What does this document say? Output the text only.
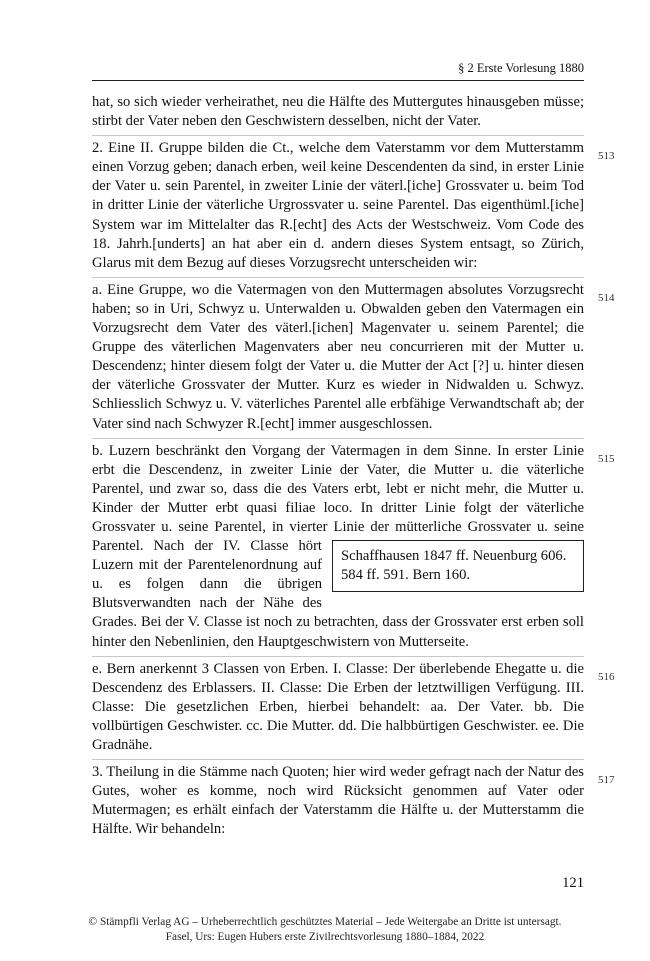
§ 2 Erste Vorlesung 1880
hat, so sich wieder verheirathet, neu die Hälfte des Muttergutes hinausgeben müsse; stirbt der Vater neben den Geschwistern desselben, nicht der Vater.
2. Eine II. Gruppe bilden die Ct., welche dem Vaterstamm vor dem Mutterstamm einen Vorzug geben; danach erben, weil keine Descendenten da sind, in erster Linie der Vater u. sein Parentel, in zweiter Linie der väterl.[iche] Grossvater u. beim Tod in dritter Linie der väterliche Urgrossvater u. seine Parentel. Das eigenthüml.[iche] System war im Mittelalter das R.[echt] des Acts der Westschweiz. Vom Code des 18. Jahrh.[underts] an hat aber ein d. andern dieses System entsagt, so Zürich, Glarus mit dem Bezug auf dieses Vorzugsrecht unterscheiden wir:
513
a. Eine Gruppe, wo die Vatermagen von den Muttermagen absolutes Vorzugsrecht haben; so in Uri, Schwyz u. Unterwalden u. Obwalden geben den Vatermagen ein Vorzugsrecht dem Vater des väterl.[ichen] Magenvater u. seinem Parentel; die Gruppe des väterlichen Magenvaters aber neu concurrieren mit der Mutter u. Descendenz; hinter diesem folgt der Vater u. die Mutter der Act [?] u. hinter diesen der väterliche Grossvater der Mutter. Kurz es wieder in Nidwalden u. Schwyz. Schliesslich Schwyz u. V. väterliches Parentel alle erbfähige Verwandtschaft ab; der Vater sind nach Schwyzer R.[echt] immer ausgeschlossen.
514
b. Luzern beschränkt den Vorgang der Vatermagen in dem Sinne. In erster Linie erbt die Descendenz, in zweiter Linie der Vater, die Mutter u. die väterliche Parentel, und zwar so, dass die des Vaters erbt, lebt er nicht mehr, die Mutter u. Kinder der Mutter erbt quasi filiae loco. In dritter Linie folgt der väterliche Grossvater u. seine Parentel, in vierter Linie der mütterliche Grossvater u. seine Parentel.
Schaffhausen 1847 ff. Neuenburg 606. 584 ff. 591. Bern 160.
Nach der IV. Classe hört Luzern mit der Parentelenordnung auf u. es folgen dann die übrigen Blutsverwandten nach der Nähe des Grades. Bei der V. Classe ist noch zu betrachten, dass der Grossvater erst erben soll hinter den Nebenlinien, den Hauptgeschwistern von Mutterseite.
515
e. Bern anerkennt 3 Classen von Erben. I. Classe: Der überlebende Ehegatte u. die Descendenz des Erblassers. II. Classe: Die Erben der letztwilligen Verfügung. III. Classe: Die gesetzlichen Erben, hierbei behandelt: aa. Der Vater. bb. Die vollbürtigen Geschwister. cc. Die Mutter. dd. Die halbbürtigen Geschwister. ee. Die Gradnähe.
516
3. Theilung in die Stämme nach Quoten; hier wird weder gefragt nach der Natur des Gutes, woher es komme, noch wird Rücksicht genommen auf Vater oder Mutermagen; es erhält einfach der Vaterstamm die Hälfte u. der Mutterstamm die Hälfte. Wir behandeln:
517
121
© Stämpfli Verlag AG – Urheberrechtlich geschütztes Material – Jede Weitergabe an Dritte ist untersagt.
Fasel, Urs: Eugen Hubers erste Zivilrechtsvorlesung 1880–1884, 2022
